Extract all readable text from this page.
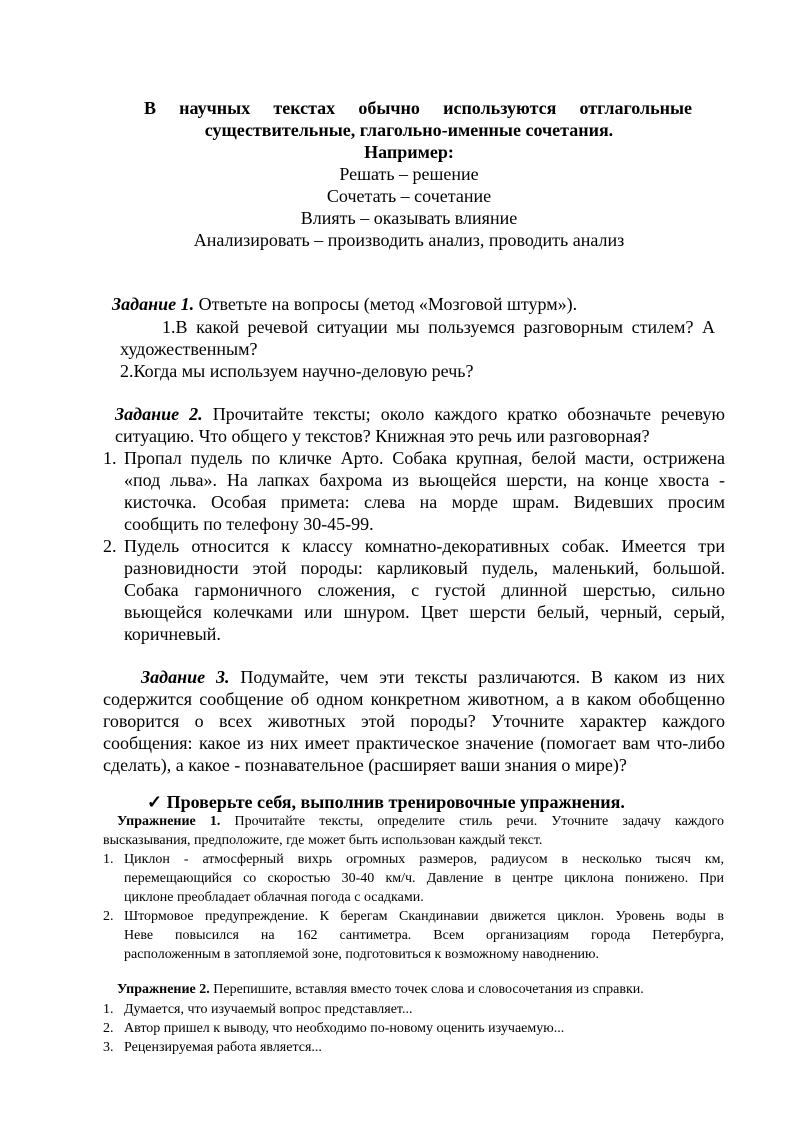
В научных текстах обычно используются отглагольные
существительные, глагольно-именные сочетания.
Например:
Решать – решение
Сочетать – сочетание
Влиять – оказывать влияние
Анализировать – производить анализ, проводить анализ
Задание 1. Ответьте на вопросы (метод «Мозговой штурм»).
1.В какой речевой ситуации мы пользуемся разговорным стилем? А
художественным?
2.Когда мы используем научно-деловую речь?
Задание 2. Прочитайте тексты; около каждого кратко обозначьте речевую
ситуацию. Что общего у текстов? Книжная это речь или разговорная?
1. Пропал пудель по кличке Арто. Собака крупная, белой масти, острижена
«под льва». На лапках бахрома из вьющейся шерсти, на конце хвоста -
кисточка. Особая примета: слева на морде шрам. Видевших просим
сообщить по телефону 30-45-99.
2. Пудель относится к классу комнатно-декоративных собак. Имеется три
разновидности этой породы: карликовый пудель, маленький, большой.
Собака гармоничного сложения, с густой длинной шерстью, сильно
вьющейся колечками или шнуром. Цвет шерсти белый, черный, серый,
коричневый.
Задание 3. Подумайте, чем эти тексты различаются. В каком из них
содержится сообщение об одном конкретном животном, а в каком обобщенно
говорится о всех животных этой породы? Уточните характер каждого
сообщения: какое из них имеет практическое значение (помогает вам что-либо
сделать), а какое - познавательное (расширяет ваши знания о мире)?
✓ Проверьте себя, выполнив тренировочные упражнения.
Упражнение 1. Прочитайте тексты, определите стиль речи. Уточните задачу каждого
высказывания, предположите, где может быть использован каждый текст.
1. Циклон - атмосферный вихрь огромных размеров, радиусом в несколько тысяч км,
перемещающийся со скоростью 30-40 км/ч. Давление в центре циклона понижено. При
циклоне преобладает облачная погода с осадками.
2. Штормовое предупреждение. К берегам Скандинавии движется циклон. Уровень воды в
Неве повысился на 162 сантиметра. Всем организациям города Петербурга,
расположенным в затопляемой зоне, подготовиться к возможному наводнению.
Упражнение 2. Перепишите, вставляя вместо точек слова и словосочетания из справки.
1. Думается, что изучаемый вопрос представляет...
2. Автор пришел к выводу, что необходимо по-новому оценить изучаемую...
3. Рецензируемая работа является...
